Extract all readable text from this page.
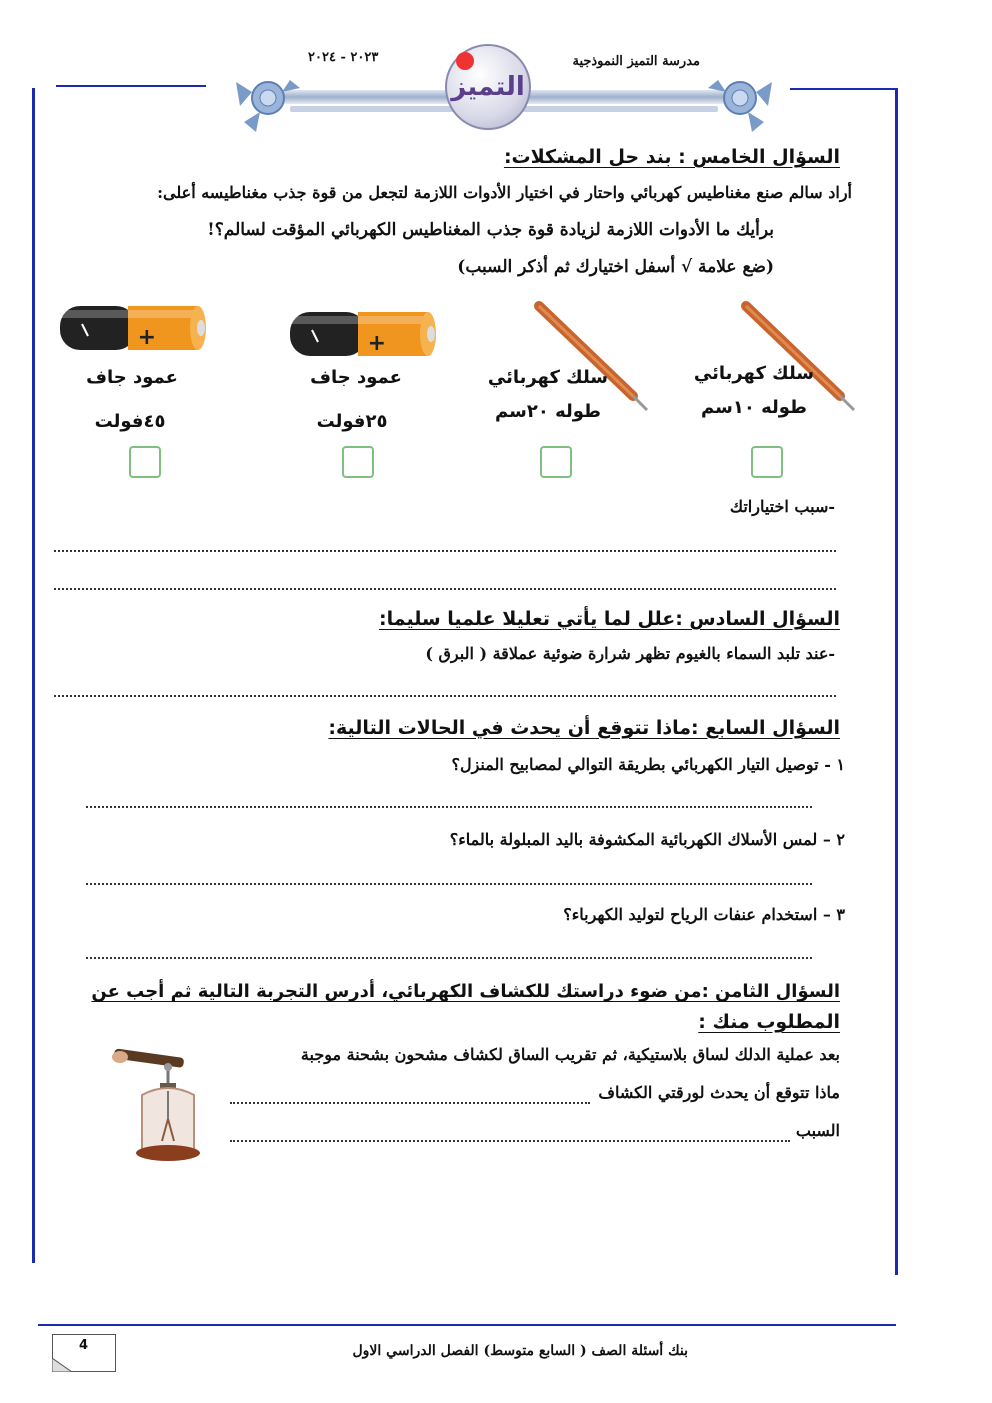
التميز
مدرسة التميز النموذجية
٢٠٢٣ - ٢٠٢٤
السؤال الخامس : بند حل المشكلات:
أراد سالم صنع مغناطيس كهربائي واحتار في اختيار الأدوات اللازمة لتجعل من قوة جذب مغناطيسه أعلى:
برأيك ما الأدوات اللازمة لزيادة قوة جذب المغناطيس الكهربائي المؤقت لسالم؟!
(ضع علامة √ أسفل اختيارك ثم أذكر السبب)
+
+
سلك كهربائي
طوله ١٠سم
سلك كهربائي
طوله ٢٠سم
عمود جاف
٢٥فولت
عمود جاف
٤٥فولت
-سبب اختياراتك
السؤال السادس :علل لما يأتي تعليلا علميا سليما:
-عند تلبد السماء بالغيوم تظهر شرارة ضوئية عملاقة ( البرق )
السؤال السابع :ماذا تتوقع أن يحدث في الحالات التالية:
١ - توصيل التيار الكهربائي بطريقة التوالي لمصابيح المنزل؟
٢ – لمس الأسلاك الكهربائية المكشوفة باليد المبلولة بالماء؟
٣ – استخدام عنفات الرياح لتوليد الكهرباء؟
السؤال الثامن :من ضوء دراستك للكشاف الكهربائي، أدرس التجربة التالية ثم أجب عن
المطلوب منك :
بعد عملية الدلك لساق بلاستيكية، ثم تقريب الساق لكشاف مشحون بشحنة موجبة
ماذا تتوقع أن يحدث لورقتي الكشاف
السبب
4	بنك أسئلة الصف ( السابع متوسط) الفصل الدراسي الاول
